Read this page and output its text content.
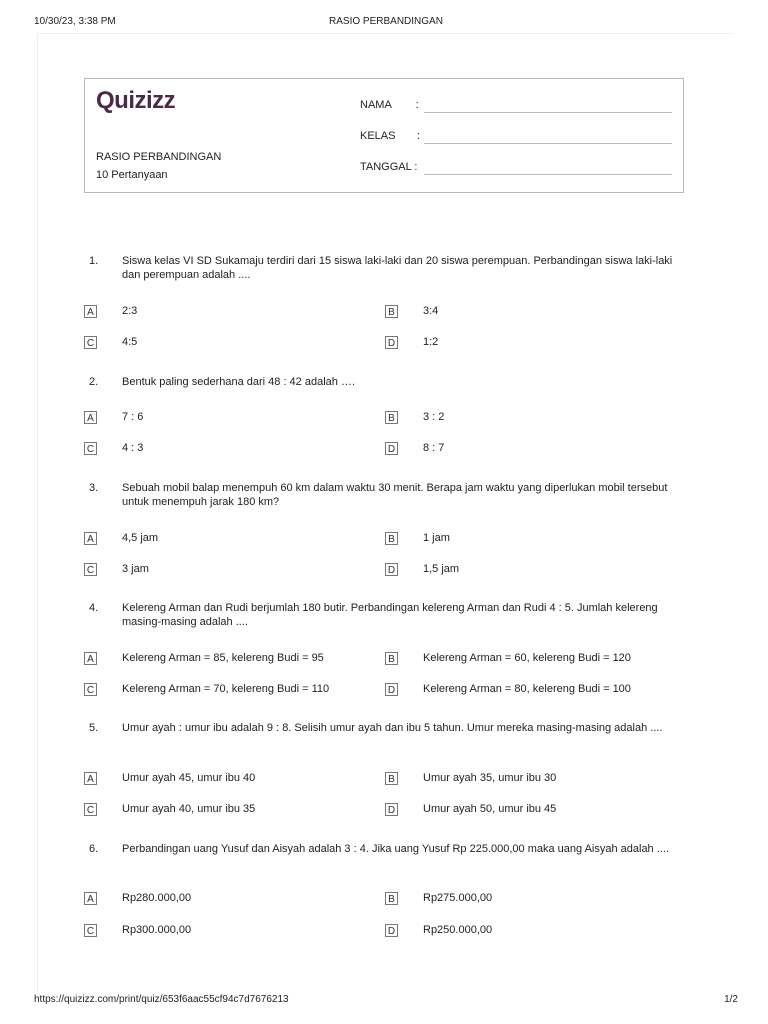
10/30/23, 3:38 PM	RASIO PERBANDINGAN
Quizizz
RASIO PERBANDINGAN
10 Pertanyaan
NAMA        :
KELAS       :
TANGGAL :
1. Siswa kelas VI SD Sukamaju terdiri dari 15 siswa laki-laki dan 20 siswa perempuan. Perbandingan siswa laki-laki dan perempuan adalah ....
A	2:3	B	3:4
C	4:5	D	1:2
2. Bentuk paling sederhana dari 48 : 42 adalah ….
A	7 : 6	B	3 : 2
C	4 : 3	D	8 : 7
3. Sebuah mobil balap menempuh 60 km dalam waktu 30 menit. Berapa jam waktu yang diperlukan mobil tersebut untuk menempuh jarak 180 km?
A	4,5 jam	B	1 jam
C	3 jam	D	1,5 jam
4. Kelereng Arman dan Rudi berjumlah 180 butir. Perbandingan kelereng Arman dan Rudi 4 : 5. Jumlah kelereng masing-masing adalah ....
A	Kelereng Arman = 85, kelereng Budi = 95	B	Kelereng Arman = 60, kelereng Budi = 120
C	Kelereng Arman = 70, kelereng Budi = 110	D	Kelereng Arman = 80, kelereng Budi = 100
5. Umur ayah : umur ibu adalah 9 : 8. Selisih umur ayah dan ibu 5 tahun. Umur mereka masing-masing adalah ....
A	Umur ayah 45, umur ibu 40	B	Umur ayah 35, umur ibu 30
C	Umur ayah 40, umur ibu 35	D	Umur ayah 50, umur ibu 45
6. Perbandingan uang Yusuf dan Aisyah adalah 3 : 4. Jika uang Yusuf Rp 225.000,00 maka uang Aisyah adalah ....
A	Rp280.000,00	B	Rp275.000,00
C	Rp300.000,00	D	Rp250.000,00
https://quizizz.com/print/quiz/653f6aac55cf94c7d7676213	1/2
